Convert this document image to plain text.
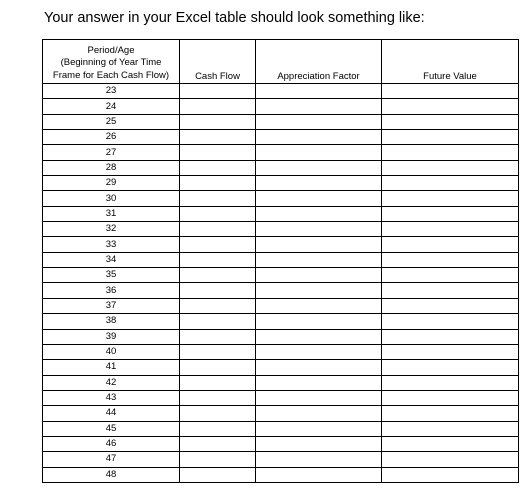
Your answer in your Excel table should look something like:
Period/Age
(Beginning of Year Time
Frame for Each Cash Flow)	Cash Flow	Appreciation Factor	Future Value
23			
24			
25			
26			
27			
28			
29			
30			
31			
32			
33			
34			
35			
36			
37			
38			
39			
40			
41			
42			
43			
44			
45			
46			
47			
48			
